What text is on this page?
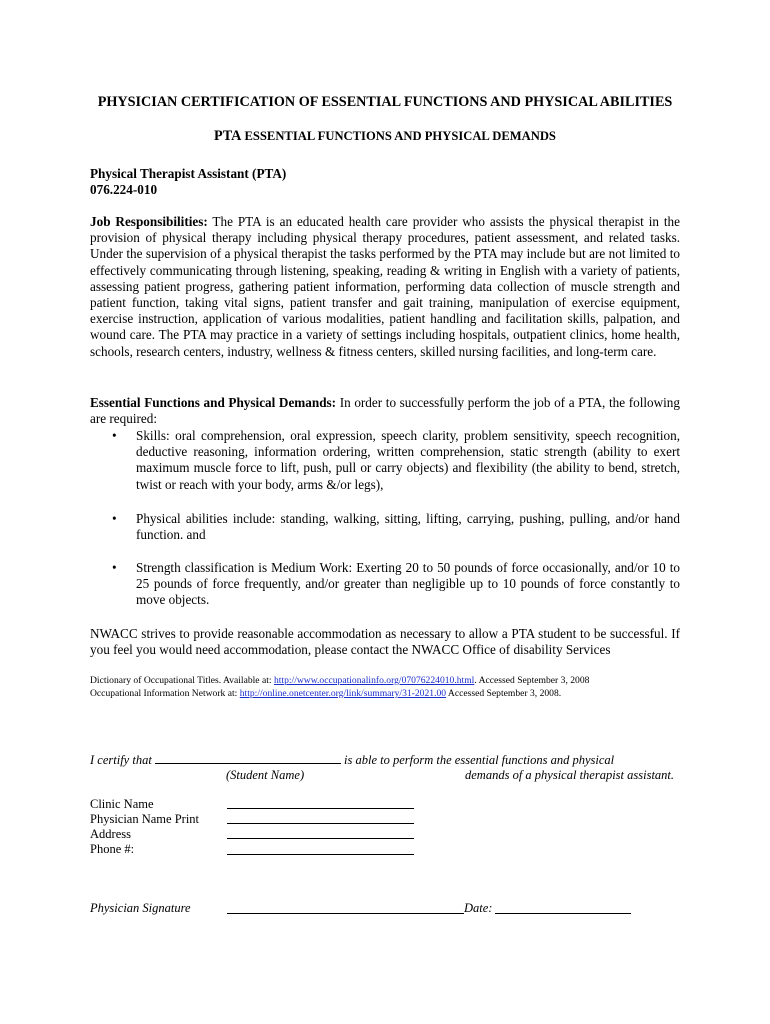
PHYSICIAN CERTIFICATION OF ESSENTIAL FUNCTIONS AND PHYSICAL ABILITIES

PTA ESSENTIAL FUNCTIONS AND PHYSICAL DEMANDS

Physical Therapist Assistant (PTA)
076.224-010
Job Responsibilities: The PTA is an educated health care provider who assists the physical therapist in the provision of physical therapy including physical therapy procedures, patient assessment, and related tasks. Under the supervision of a physical therapist the tasks performed by the PTA may include but are not limited to effectively communicating through listening, speaking, reading & writing in English with a variety of patients, assessing patient progress, gathering patient information, performing data collection of muscle strength and patient function, taking vital signs, patient transfer and gait training, manipulation of exercise equipment, exercise instruction, application of various modalities, patient handling and facilitation skills, palpation, and wound care. The PTA may practice in a variety of settings including hospitals, outpatient clinics, home health, schools, research centers, industry, wellness & fitness centers, skilled nursing facilities, and long-term care.
Essential Functions and Physical Demands: In order to successfully perform the job of a PTA, the following are required:
• Skills: oral comprehension, oral expression, speech clarity, problem sensitivity, speech recognition, deductive reasoning, information ordering, written comprehension, static strength (ability to exert maximum muscle force to lift, push, pull or carry objects) and flexibility (the ability to bend, stretch, twist or reach with your body, arms &/or legs),
• Physical abilities include: standing, walking, sitting, lifting, carrying, pushing, pulling, and/or hand function. and
• Strength classification is Medium Work: Exerting 20 to 50 pounds of force occasionally, and/or 10 to 25 pounds of force frequently, and/or greater than negligible up to 10 pounds of force constantly to move objects.
NWACC strives to provide reasonable accommodation as necessary to allow a PTA student to be successful. If you feel you would need accommodation, please contact the NWACC Office of disability Services
Dictionary of Occupational Titles. Available at: http://www.occupationalinfo.org/07076224010.html. Accessed September 3, 2008
Occupational Information Network at: http://online.onetcenter.org/link/summary/31-2021.00 Accessed September 3, 2008.
I certify that	is able to perform the essential functions and physical
(Student Name)	demands of a physical therapist assistant.
Clinic Name
Physician Name Print
Address
Phone #:
Physician Signature	Date:
